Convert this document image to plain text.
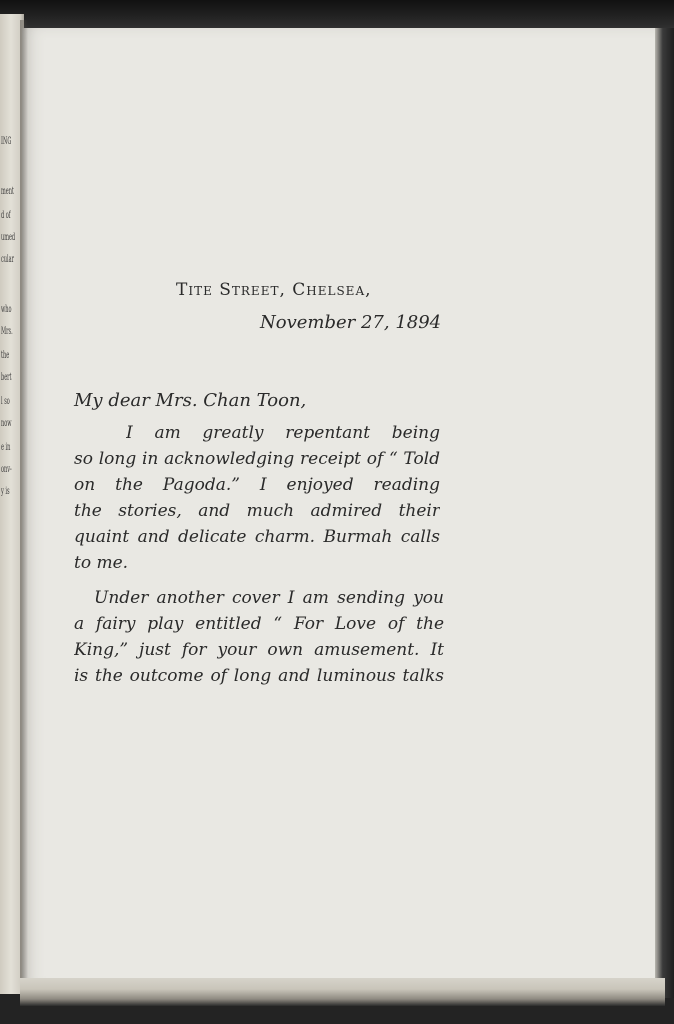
ING
ment
d of
umed
cular
who
Mrs.
the
bert
l so
now
e in
onv-
y is
Tite Street, Chelsea,
November 27, 1894
My dear Mrs. Chan Toon,
I am greatly repentant being
so long in acknowledging receipt of “ Told
on the Pagoda.” I enjoyed reading
the stories, and much admired their
quaint and delicate charm. Burmah calls
to me.
Under another cover I am sending you
a fairy play entitled “ For Love of the
King,” just for your own amusement. It
is the outcome of long and luminous talks
